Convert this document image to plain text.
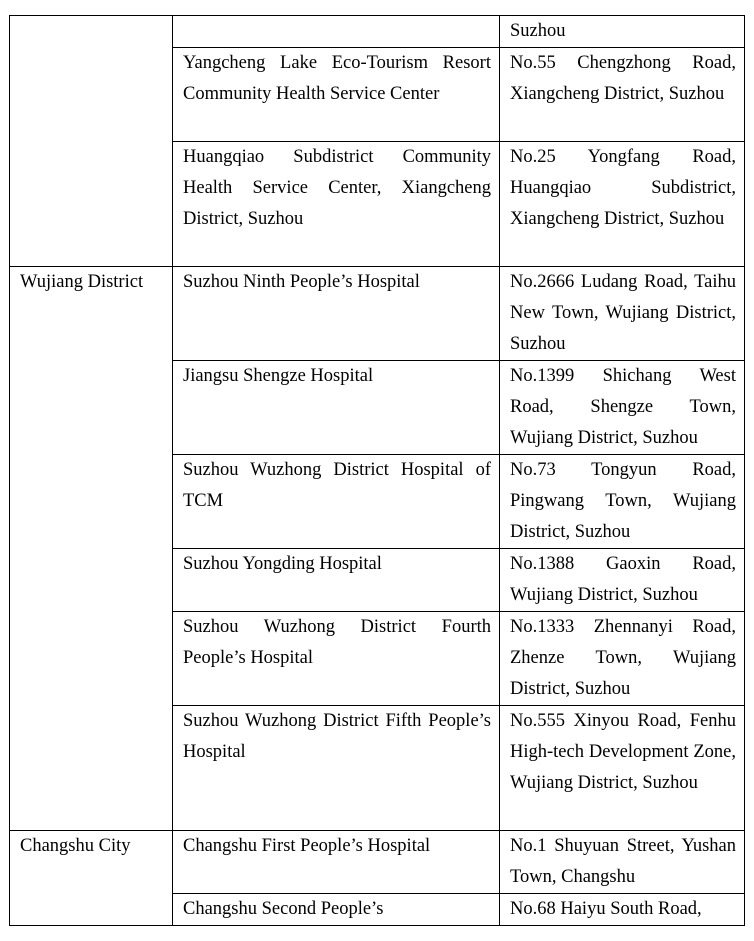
		Suzhou
	Yangcheng Lake Eco-Tourism Resort Community Health Service Center	No.55 Chengzhong Road, Xiangcheng District, Suzhou
	Huangqiao Subdistrict Community Health Service Center, Xiangcheng District, Suzhou	No.25 Yongfang Road, Huangqiao Subdistrict, Xiangcheng District, Suzhou
Wujiang District	Suzhou Ninth People’s Hospital	No.2666 Ludang Road, Taihu New Town, Wujiang District, Suzhou
	Jiangsu Shengze Hospital	No.1399 Shichang West Road, Shengze Town, Wujiang District, Suzhou
	Suzhou Wuzhong District Hospital of TCM	No.73 Tongyun Road, Pingwang Town, Wujiang District, Suzhou
	Suzhou Yongding Hospital	No.1388 Gaoxin Road, Wujiang District, Suzhou
	Suzhou Wuzhong District Fourth People’s Hospital	No.1333 Zhennanyi Road, Zhenze Town, Wujiang District, Suzhou
	Suzhou Wuzhong District Fifth People’s Hospital	No.555 Xinyou Road, Fenhu High-tech Development Zone, Wujiang District, Suzhou
Changshu City	Changshu First People’s Hospital	No.1 Shuyuan Street, Yushan Town, Changshu
	Changshu Second People’s	No.68 Haiyu South Road,
